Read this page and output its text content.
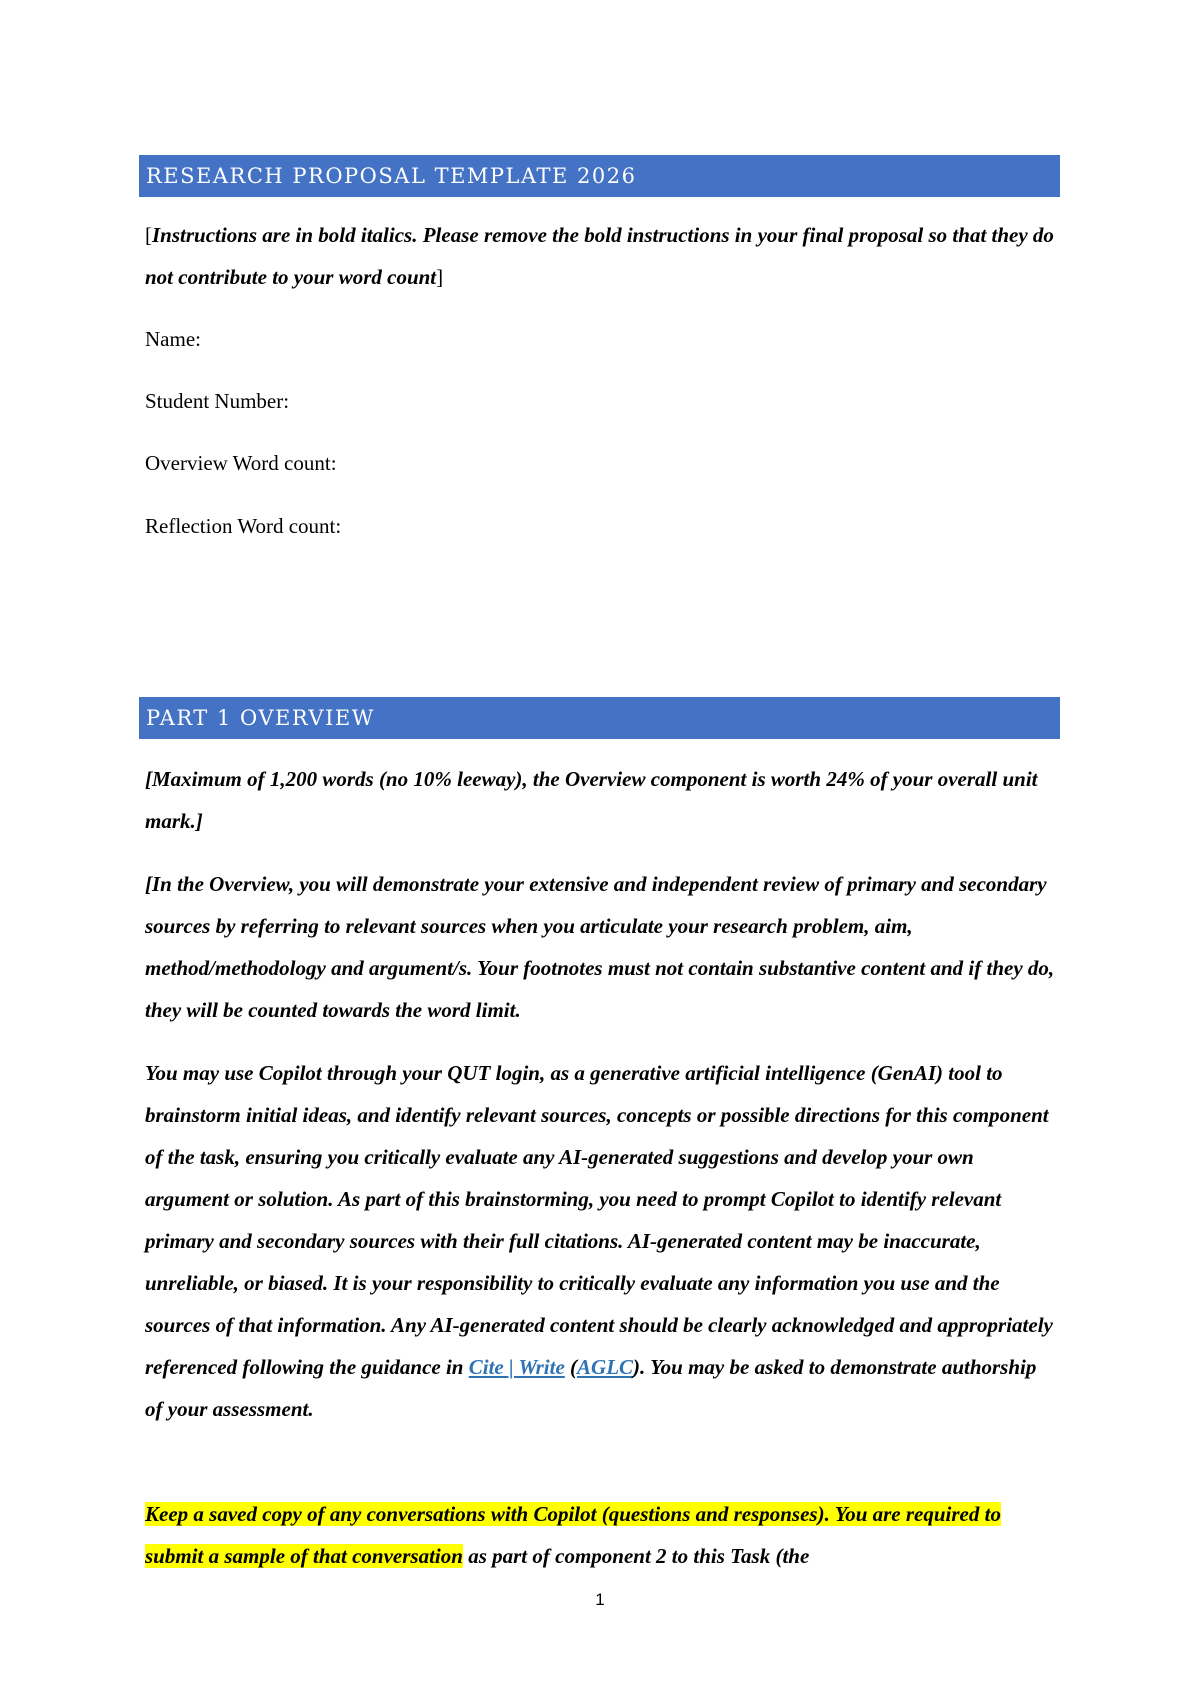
RESEARCH PROPOSAL TEMPLATE 2026

[Instructions are in bold italics. Please remove the bold instructions in your final proposal so that they do not contribute to your word count]

Name:
Student Number:
Overview Word count:
Reflection Word count:
PART 1 OVERVIEW

[Maximum of 1,200 words (no 10% leeway), the Overview component is worth 24% of your overall unit mark.]

[In the Overview, you will demonstrate your extensive and independent review of primary and secondary sources by referring to relevant sources when you articulate your research problem, aim, method/methodology and argument/s. Your footnotes must not contain substantive content and if they do, they will be counted towards the word limit.

You may use Copilot through your QUT login, as a generative artificial intelligence (GenAI) tool to brainstorm initial ideas, and identify relevant sources, concepts or possible directions for this component of the task, ensuring you critically evaluate any AI-generated suggestions and develop your own argument or solution. As part of this brainstorming, you need to prompt Copilot to identify relevant primary and secondary sources with their full citations. AI-generated content may be inaccurate, unreliable, or biased. It is your responsibility to critically evaluate any information you use and the sources of that information. Any AI-generated content should be clearly acknowledged and appropriately referenced following the guidance in Cite | Write (AGLC). You may be asked to demonstrate authorship of your assessment.

Keep a saved copy of any conversations with Copilot (questions and responses). You are required to submit a sample of that conversation as part of component 2 to this Task (the

1
